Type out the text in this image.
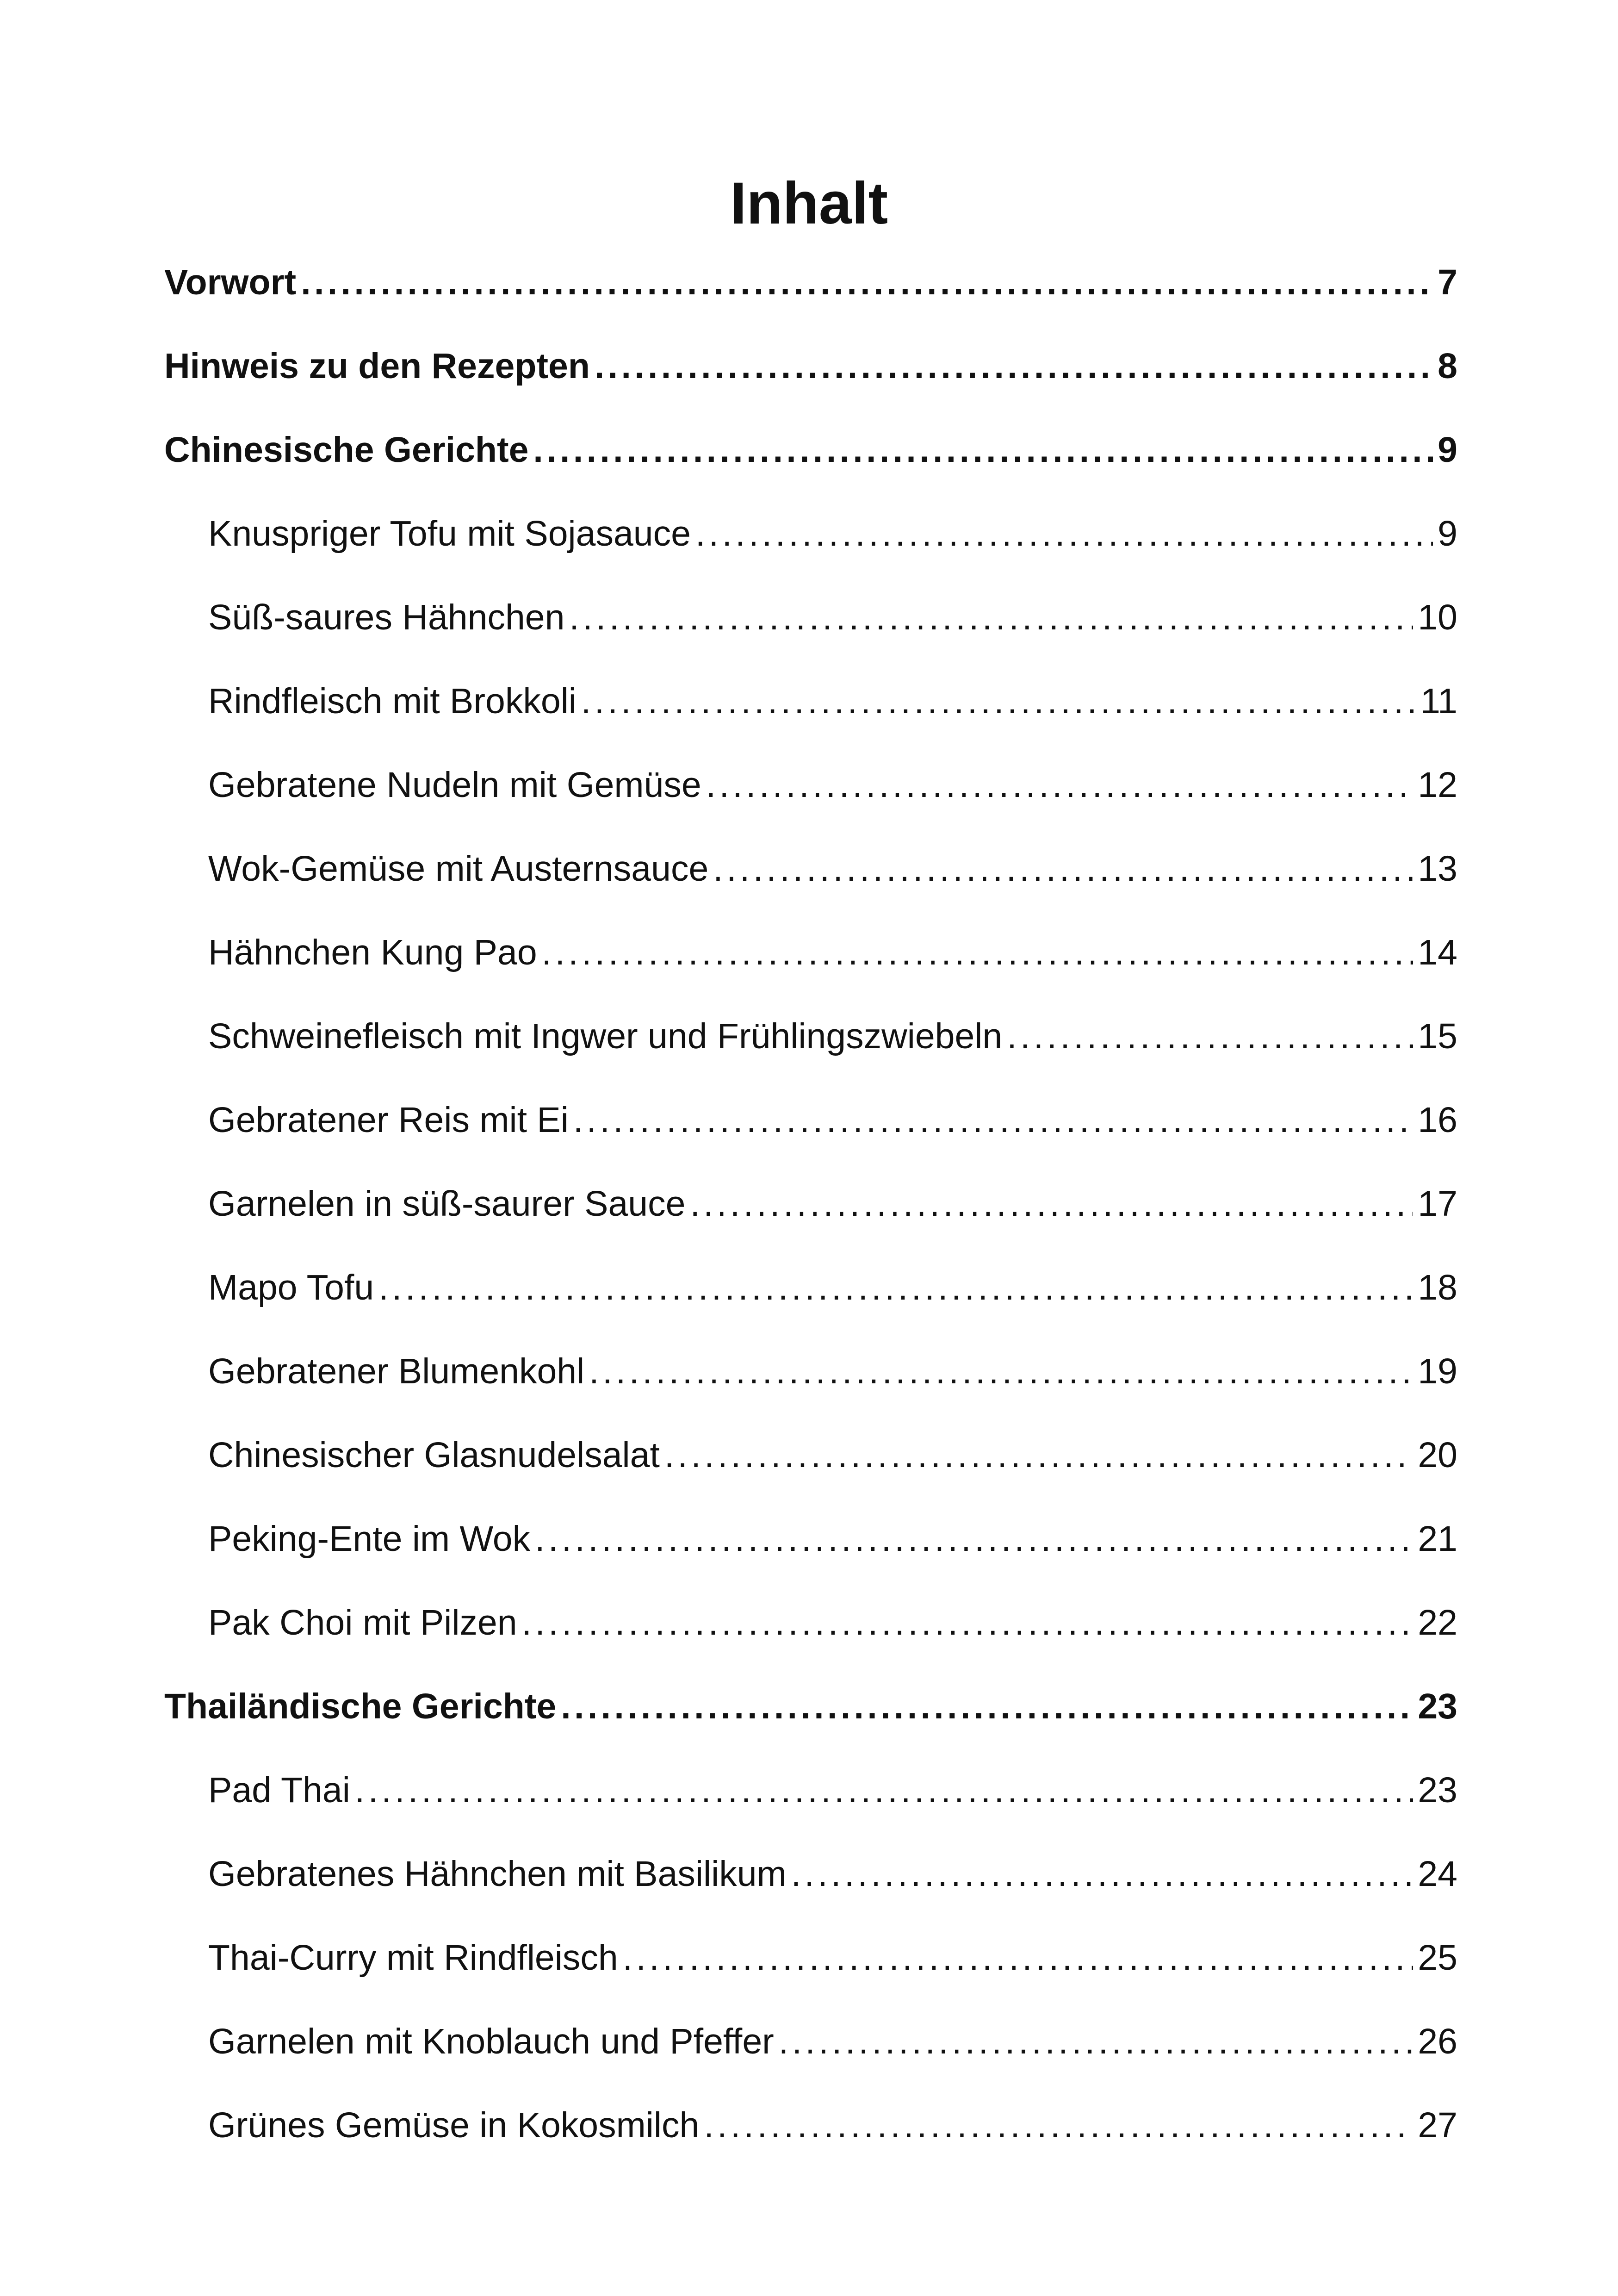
Inhalt
Vorwort . . .	7
Hinweis zu den Rezepten . . .	8
Chinesische Gerichte . . .	9
Knuspriger Tofu mit Sojasauce . . .	9
Süß-saures Hähnchen . . .	10
Rindfleisch mit Brokkoli . . .	11
Gebratene Nudeln mit Gemüse . . .	12
Wok-Gemüse mit Austernsauce . . .	13
Hähnchen Kung Pao . . .	14
Schweinefleisch mit Ingwer und Frühlingszwiebeln . . .	15
Gebratener Reis mit Ei . . .	16
Garnelen in süß-saurer Sauce . . .	17
Mapo Tofu . . .	18
Gebratener Blumenkohl . . .	19
Chinesischer Glasnudelsalat . . .	20
Peking-Ente im Wok . . .	21
Pak Choi mit Pilzen . . .	22
Thailändische Gerichte . . .	23
Pad Thai . . .	23
Gebratenes Hähnchen mit Basilikum . . .	24
Thai-Curry mit Rindfleisch . . .	25
Garnelen mit Knoblauch und Pfeffer . . .	26
Grünes Gemüse in Kokosmilch . . .	27
